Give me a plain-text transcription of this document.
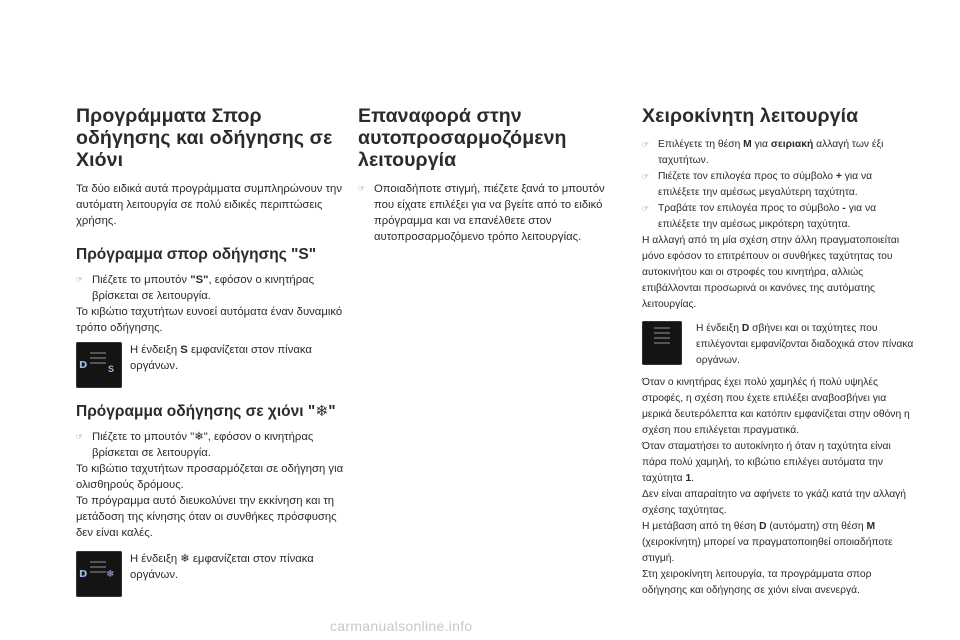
Προγράμματα Σπορ οδήγησης και οδήγησης σε Χιόνι

Τα δύο ειδικά αυτά προγράμματα συμπληρώνουν την αυτόματη λειτουργία σε πολύ ειδικές περιπτώσεις χρήσης.

Πρόγραμμα σπορ οδήγησης "S"
☞ Πιέζετε το μπουτόν "S", εφόσον ο κινητήρας βρίσκεται σε λειτουργία.

Το κιβώτιο ταχυτήτων ευνοεί αυτόματα έναν δυναμικό τρόπο οδήγησης.

D S
Η ένδειξη S εμφανίζεται στον πίνακα οργάνων.
Πρόγραμμα οδήγησης σε χιόνι "❄"
☞ Πιέζετε το μπουτόν "❄", εφόσον ο κινητήρας βρίσκεται σε λειτουργία.

Το κιβώτιο ταχυτήτων προσαρμόζεται σε οδήγηση για ολισθηρούς δρόμους.

Το πρόγραμμα αυτό διευκολύνει την εκκίνηση και τη μετάδοση της κίνησης όταν οι συνθήκες πρόσφυσης δεν είναι καλές.

D ❄
Η ένδειξη ❄ εμφανίζεται στον πίνακα οργάνων.
Επαναφορά στην αυτοπροσαρμοζόμενη λειτουργία
☞ Οποιαδήποτε στιγμή, πιέζετε ξανά το μπουτόν που είχατε επιλέξει για να βγείτε από το ειδικό πρόγραμμα και να επανέλθετε στον αυτοπροσαρμοζόμενο τρόπο λειτουργίας.
Χειροκίνητη λειτουργία
☞ Επιλέγετε τη θέση M για σειριακή αλλαγή των έξι ταχυτήτων.
☞ Πιέζετε τον επιλογέα προς το σύμβολο + για να επιλέξετε την αμέσως μεγαλύτερη ταχύτητα.
☞ Τραβάτε τον επιλογέα προς το σύμβολο - για να επιλέξετε την αμέσως μικρότερη ταχύτητα.

Η αλλαγή από τη μία σχέση στην άλλη πραγματοποιείται μόνο εφόσον το επιτρέπουν οι συνθήκες ταχύτητας του αυτοκινήτου και οι στροφές του κινητήρα, αλλιώς επιβάλλονται προσωρινά οι κανόνες της αυτόματης λειτουργίας.

Η ένδειξη D σβήνει και οι ταχύτητες που επιλέγονται εμφανίζονται διαδοχικά στον πίνακα οργάνων.

Όταν ο κινητήρας έχει πολύ χαμηλές ή πολύ υψηλές στροφές, η σχέση που έχετε επιλέξει αναβοσβήνει για μερικά δευτερόλεπτα και κατόπιν εμφανίζεται στην οθόνη η σχέση που επιλέγεται πραγματικά.

Όταν σταματήσει το αυτοκίνητο ή όταν η ταχύτητα είναι πάρα πολύ χαμηλή, το κιβώτιο επιλέγει αυτόματα την ταχύτητα 1.

Δεν είναι απαραίτητο να αφήνετε το γκάζι κατά την αλλαγή σχέσης ταχύτητας.

Η μετάβαση από τη θέση D (αυτόματη) στη θέση M (χειροκίνητη) μπορεί να πραγματοποιηθεί οποιαδήποτε στιγμή.

Στη χειροκίνητη λειτουργία, τα προγράμματα σπορ οδήγησης και οδήγησης σε χιόνι είναι ανενεργά.

carmanualsonline.info
